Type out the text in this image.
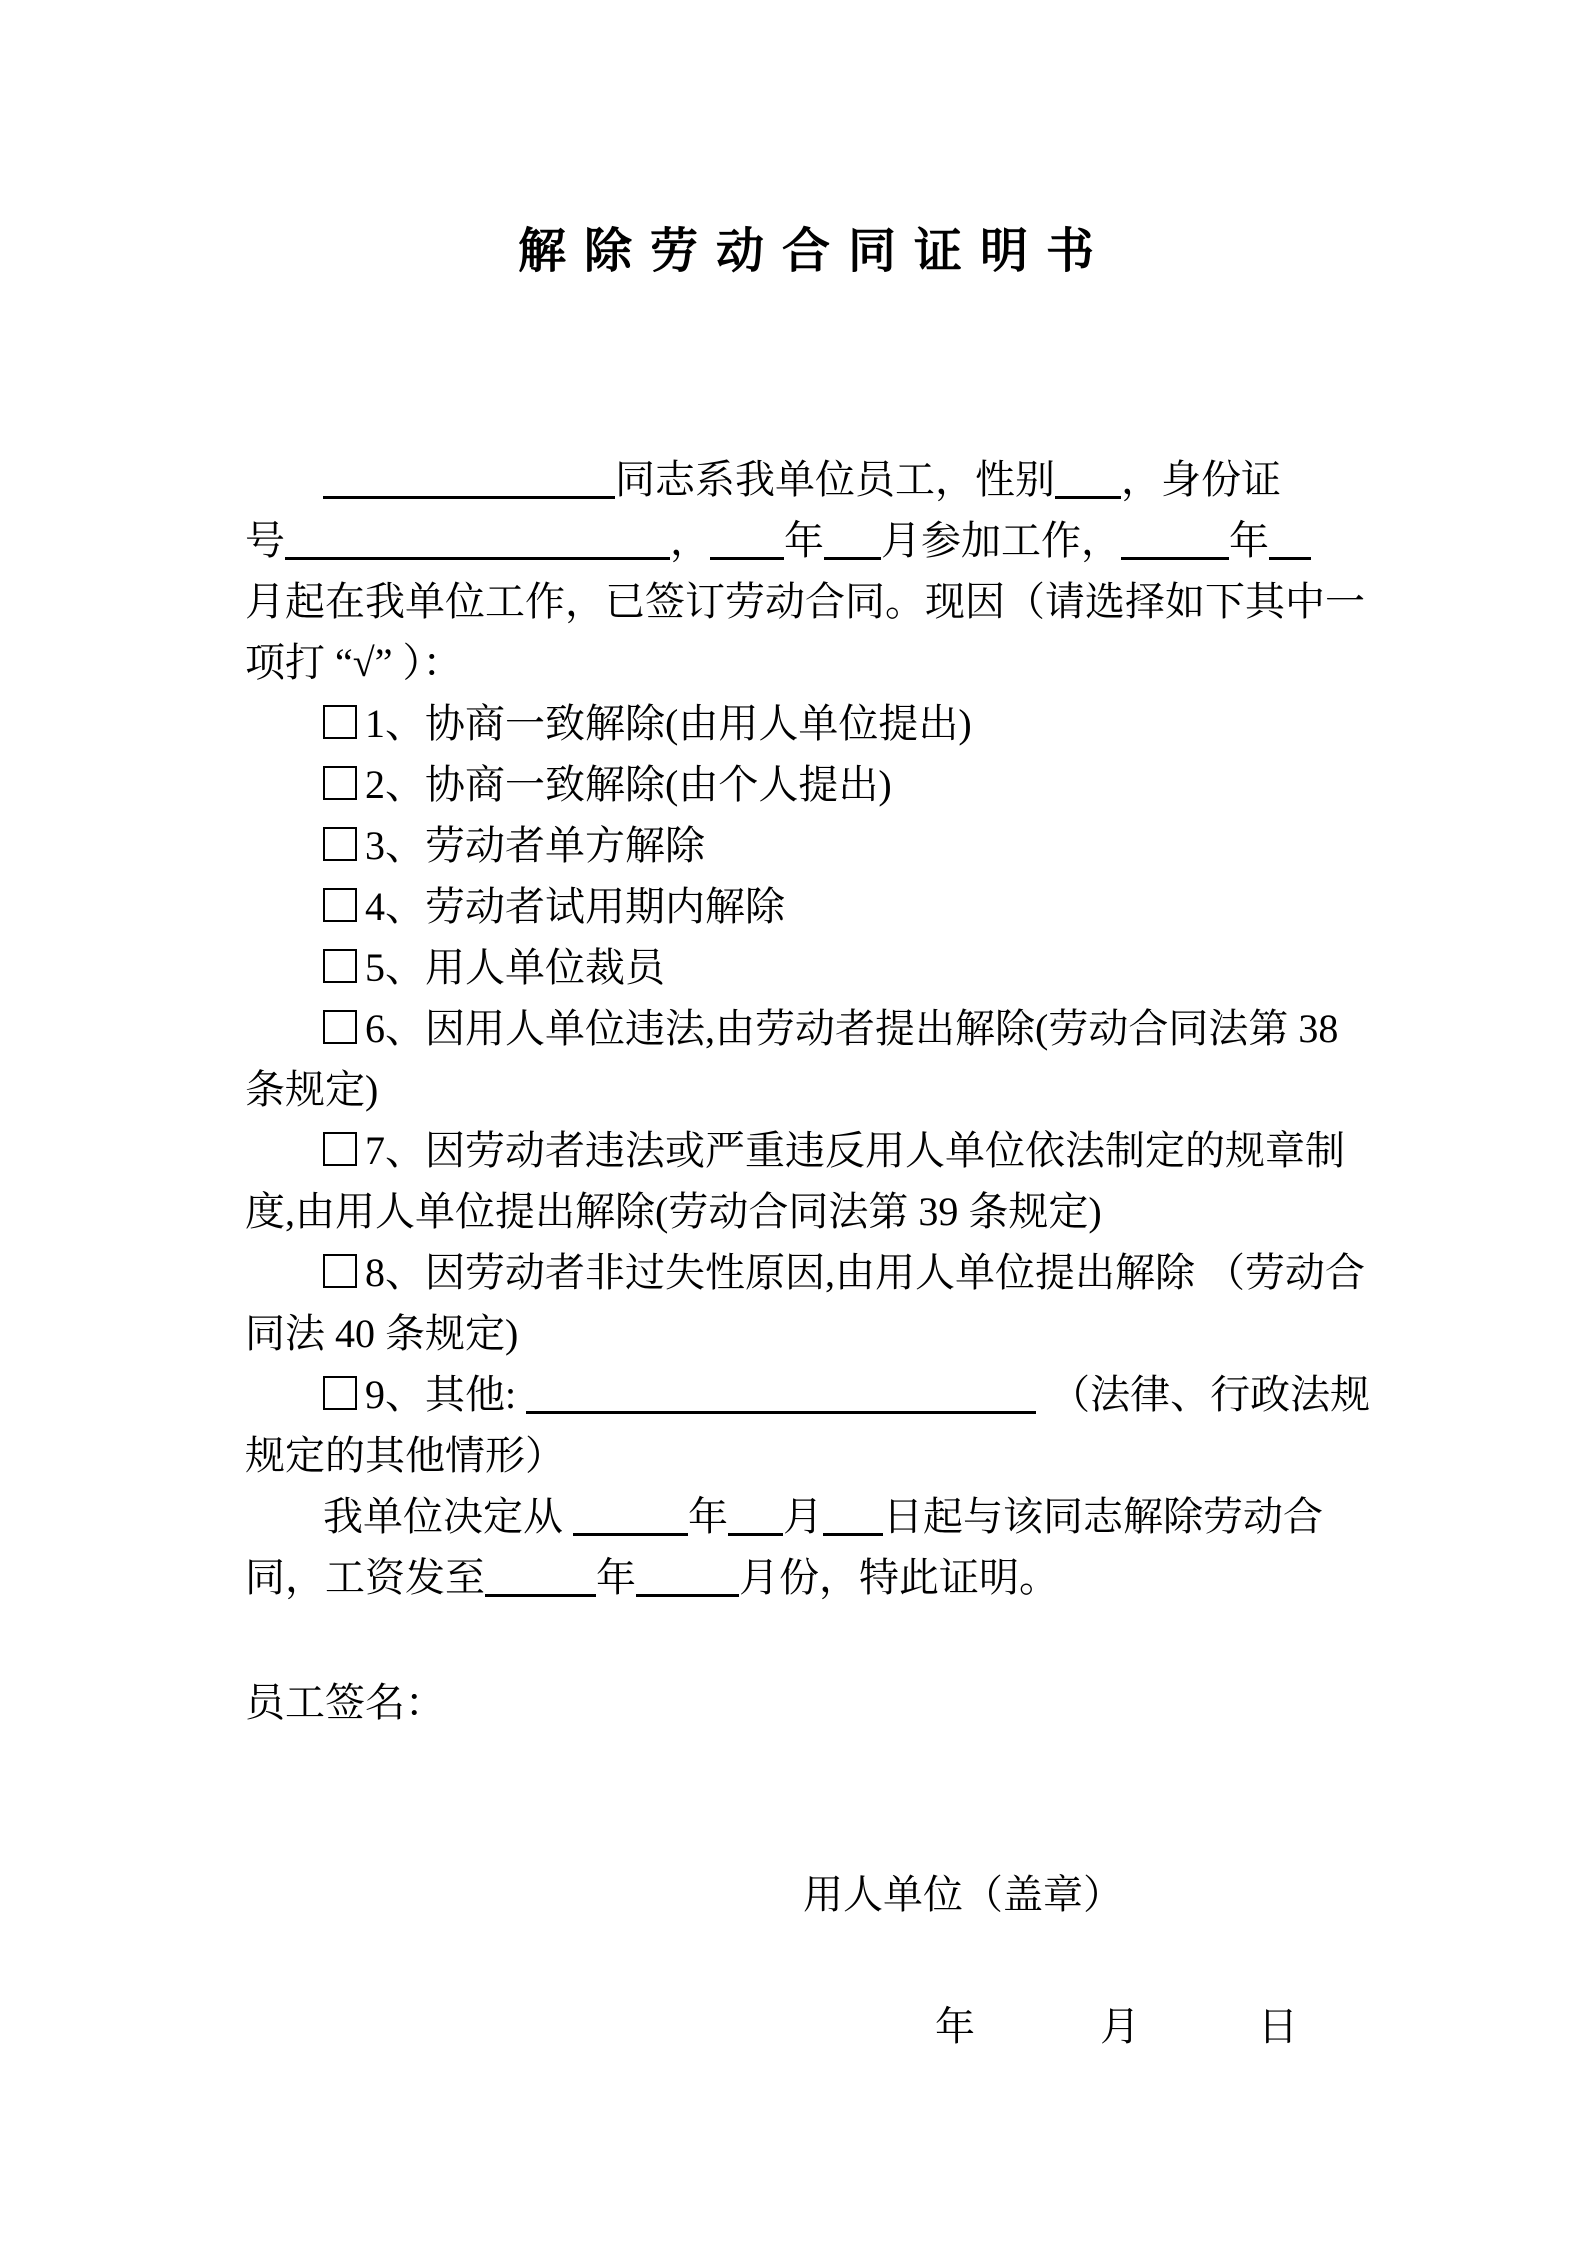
解 除 劳 动 合 同 证 明 书
同志系我单位员工，性别 ，身份证
号	， 年 月参加工作，	年
月起在我单位工作，已签订劳动合同。现因（请选择如下其中一
项打 “√” ）：
1、协商一致解除(由用人单位提出)
2、协商一致解除(由个人提出)
3、劳动者单方解除
4、劳动者试用期内解除
5、用人单位裁员
6、因用人单位违法,由劳动者提出解除(劳动合同法第 38
条规定)
7、因劳动者违法或严重违反用人单位依法制定的规章制
度,由用人单位提出解除(劳动合同法第 39 条规定)
8、因劳动者非过失性原因,由用人单位提出解除 （劳动合
同法 40 条规定)
9、其他:	（法律、行政法规
规定的其他情形）
我单位决定从	年 月 日起与该同志解除劳动合
同，工资发至	年	月份，特此证明。
员工签名：
用人单位（盖章）
年	月	日
